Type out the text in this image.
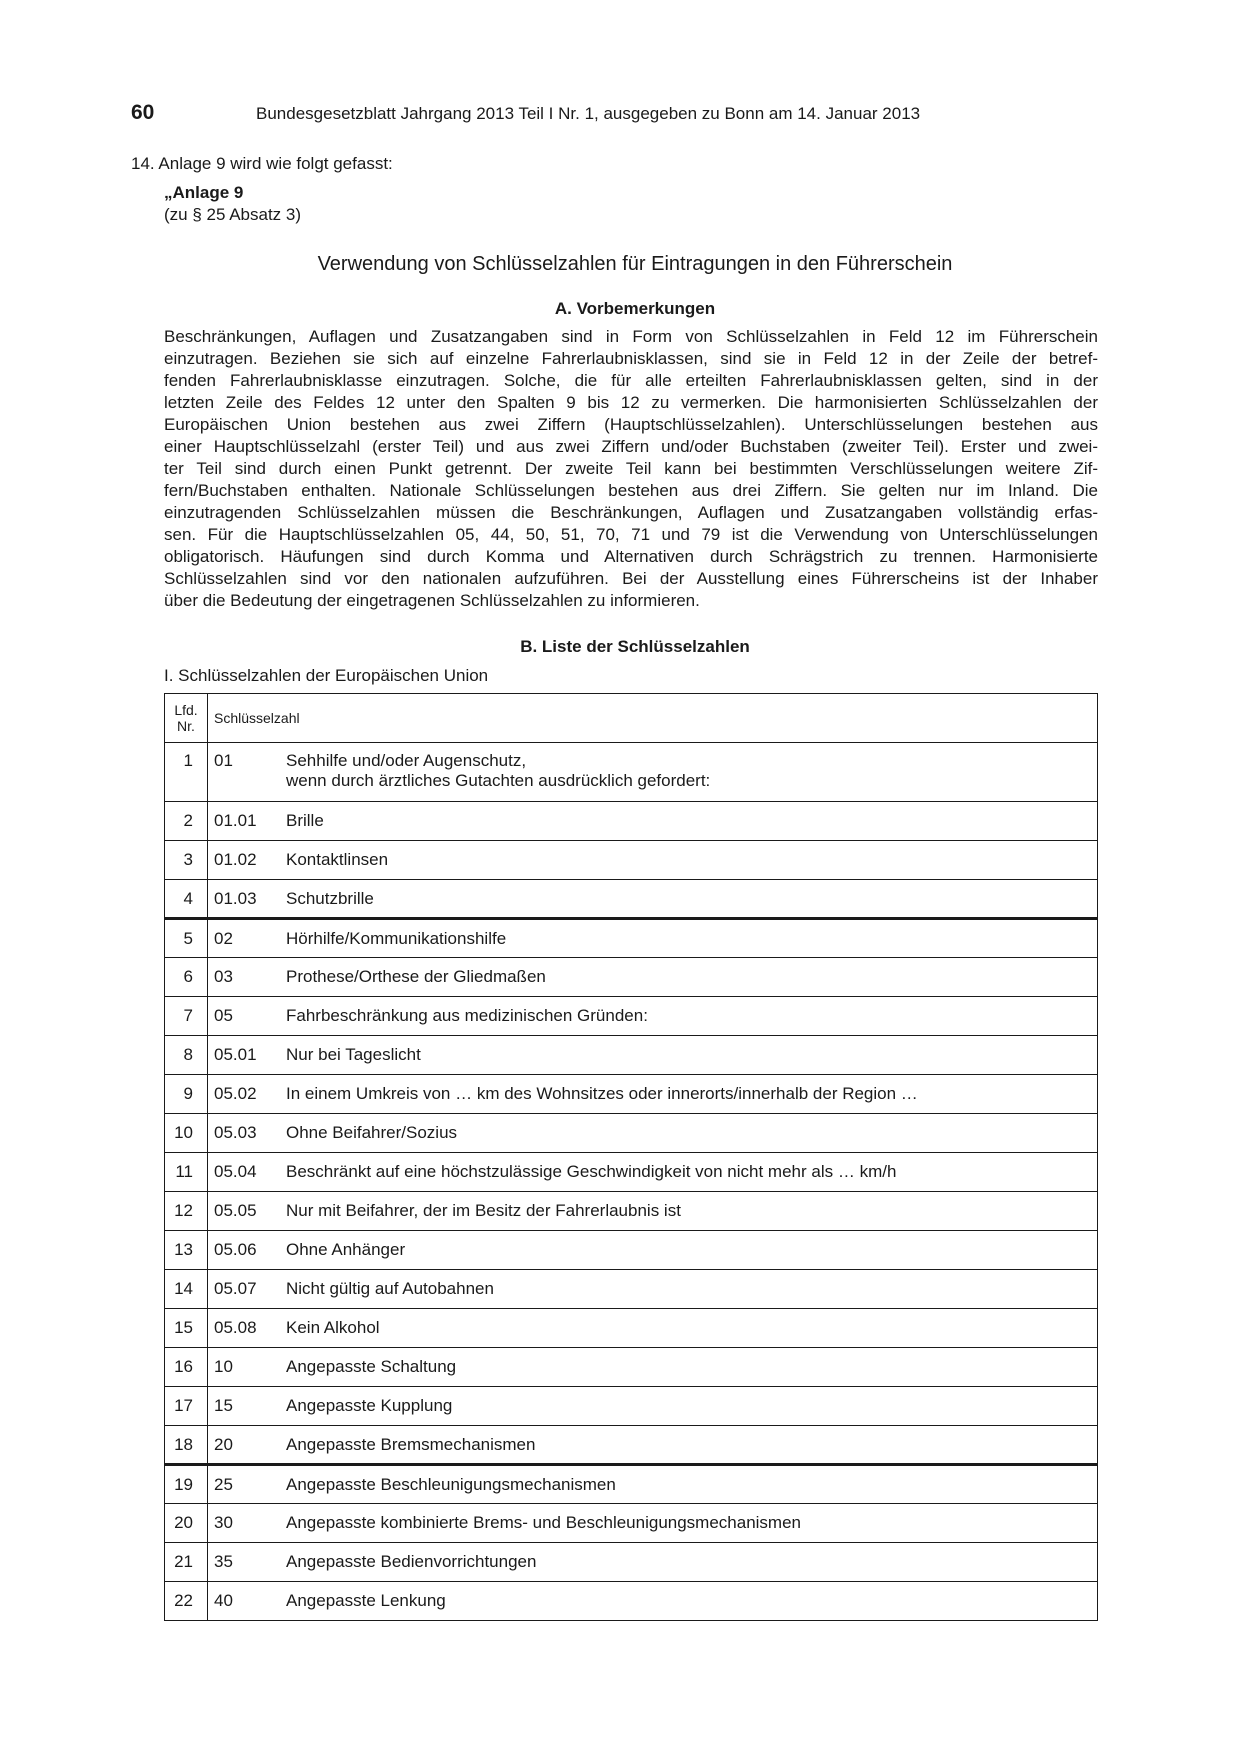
60	Bundesgesetzblatt Jahrgang 2013 Teil I Nr. 1, ausgegeben zu Bonn am 14. Januar 2013
14. Anlage 9 wird wie folgt gefasst:
„Anlage 9
(zu § 25 Absatz 3)
Verwendung von Schlüsselzahlen für Eintragungen in den Führerschein
A. Vorbemerkungen
Beschränkungen, Auflagen und Zusatzangaben sind in Form von Schlüsselzahlen in Feld 12 im Führerschein
einzutragen. Beziehen sie sich auf einzelne Fahrerlaubnisklassen, sind sie in Feld 12 in der Zeile der betref-
fenden Fahrerlaubnisklasse einzutragen. Solche, die für alle erteilten Fahrerlaubnisklassen gelten, sind in der
letzten Zeile des Feldes 12 unter den Spalten 9 bis 12 zu vermerken. Die harmonisierten Schlüsselzahlen der
Europäischen Union bestehen aus zwei Ziffern (Hauptschlüsselzahlen). Unterschlüsselungen bestehen aus
einer Hauptschlüsselzahl (erster Teil) und aus zwei Ziffern und/oder Buchstaben (zweiter Teil). Erster und zwei-
ter Teil sind durch einen Punkt getrennt. Der zweite Teil kann bei bestimmten Verschlüsselungen weitere Zif-
fern/Buchstaben enthalten. Nationale Schlüsselungen bestehen aus drei Ziffern. Sie gelten nur im Inland. Die
einzutragenden Schlüsselzahlen müssen die Beschränkungen, Auflagen und Zusatzangaben vollständig erfas-
sen. Für die Hauptschlüsselzahlen 05, 44, 50, 51, 70, 71 und 79 ist die Verwendung von Unterschlüsselungen
obligatorisch. Häufungen sind durch Komma und Alternativen durch Schrägstrich zu trennen. Harmonisierte
Schlüsselzahlen sind vor den nationalen aufzuführen. Bei der Ausstellung eines Führerscheins ist der Inhaber
über die Bedeutung der eingetragenen Schlüsselzahlen zu informieren.
B. Liste der Schlüsselzahlen
I. Schlüsselzahlen der Europäischen Union
Lfd.
Nr.	Schlüsselzahl
1	01 Sehhilfe und/oder Augenschutz,
wenn durch ärztliches Gutachten ausdrücklich gefordert:
2	01.01 Brille
3	01.02 Kontaktlinsen
4	01.03 Schutzbrille
5	02 Hörhilfe/Kommunikationshilfe
6	03 Prothese/Orthese der Gliedmaßen
7	05 Fahrbeschränkung aus medizinischen Gründen:
8	05.01 Nur bei Tageslicht
9	05.02 In einem Umkreis von … km des Wohnsitzes oder innerorts/innerhalb der Region …
10	05.03 Ohne Beifahrer/Sozius
11	05.04 Beschränkt auf eine höchstzulässige Geschwindigkeit von nicht mehr als … km/h
12	05.05 Nur mit Beifahrer, der im Besitz der Fahrerlaubnis ist
13	05.06 Ohne Anhänger
14	05.07 Nicht gültig auf Autobahnen
15	05.08 Kein Alkohol
16	10 Angepasste Schaltung
17	15 Angepasste Kupplung
18	20 Angepasste Bremsmechanismen
19	25 Angepasste Beschleunigungsmechanismen
20	30 Angepasste kombinierte Brems- und Beschleunigungsmechanismen
21	35 Angepasste Bedienvorrichtungen
22	40 Angepasste Lenkung
